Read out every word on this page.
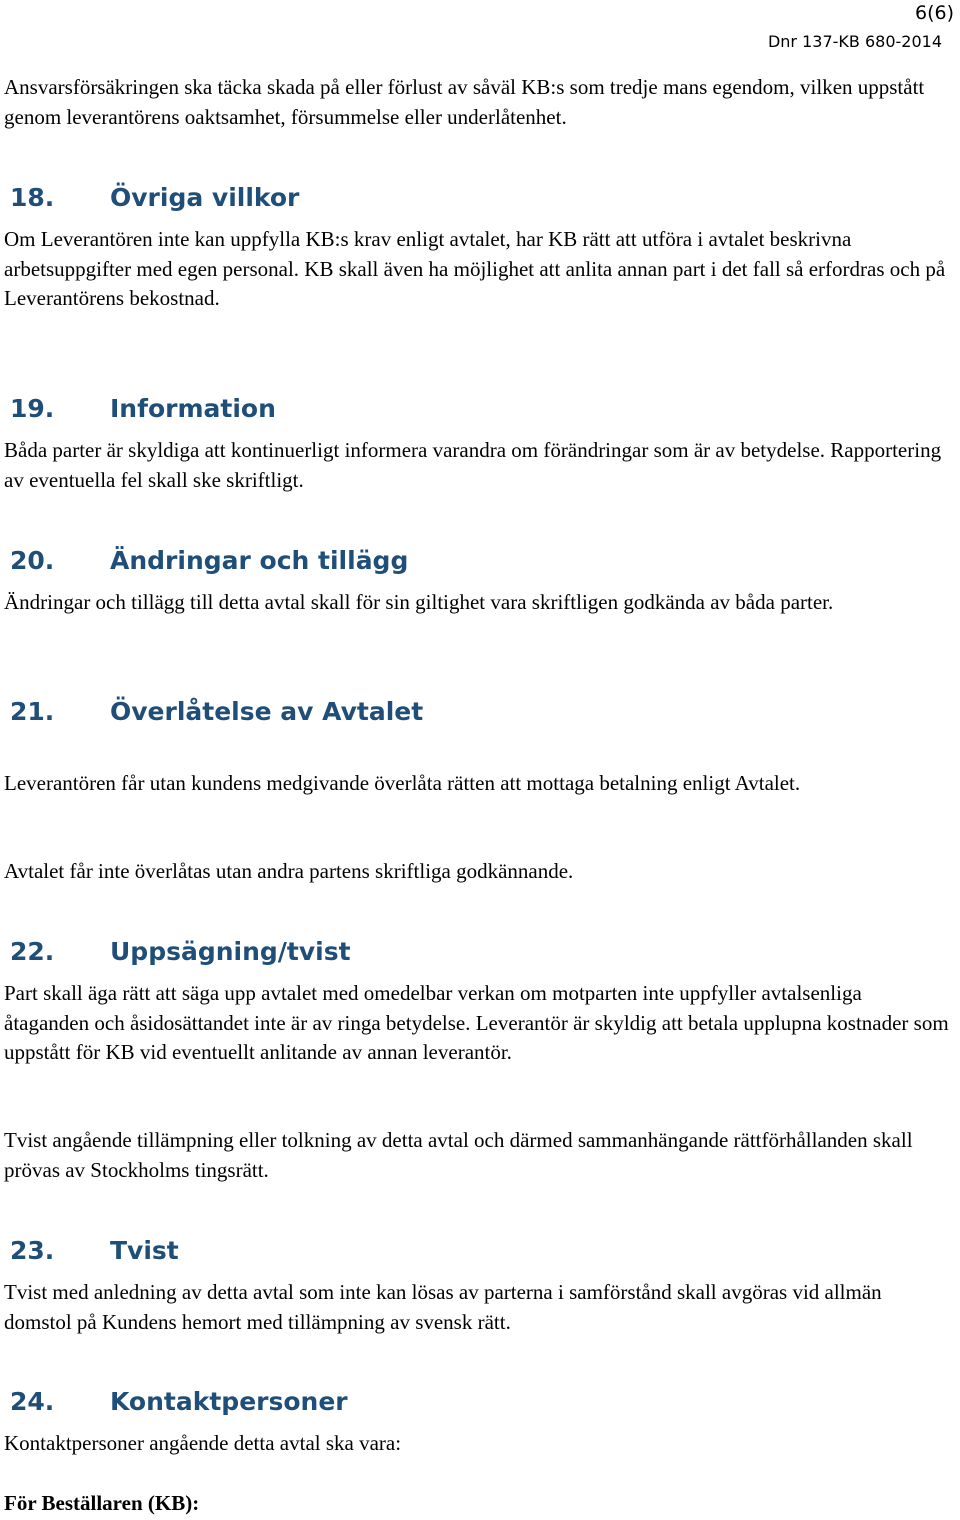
6(6)
Dnr 137-KB 680-2014

Ansvarsförsäkringen ska täcka skada på eller förlust av såväl KB:s som tredje mans egendom, vilken uppstått genom leverantörens oaktsamhet, försummelse eller underlåtenhet.

18. Övriga villkor

Om Leverantören inte kan uppfylla KB:s krav enligt avtalet, har KB rätt att utföra i avtalet beskrivna arbetsuppgifter med egen personal. KB skall även ha möjlighet att anlita annan part i det fall så erfordras och på Leverantörens bekostnad.

19. Information

Båda parter är skyldiga att kontinuerligt informera varandra om förändringar som är av betydelse. Rapportering av eventuella fel skall ske skriftligt.

20. Ändringar och tillägg

Ändringar och tillägg till detta avtal skall för sin giltighet vara skriftligen godkända av båda parter.

21. Överlåtelse av Avtalet

Leverantören får utan kundens medgivande överlåta rätten att mottaga betalning enligt Avtalet.

Avtalet får inte överlåtas utan andra partens skriftliga godkännande.

22. Uppsägning/tvist

Part skall äga rätt att säga upp avtalet med omedelbar verkan om motparten inte uppfyller avtalsenliga åtaganden och åsidosättandet inte är av ringa betydelse. Leverantör är skyldig att betala upplupna kostnader som uppstått för KB vid eventuellt anlitande av annan leverantör.

Tvist angående tillämpning eller tolkning av detta avtal och därmed sammanhängande rättförhållanden skall prövas av Stockholms tingsrätt.

23. Tvist

Tvist med anledning av detta avtal som inte kan lösas av parterna i samförstånd skall avgöras vid allmän domstol på Kundens hemort med tillämpning av svensk rätt.

24. Kontaktpersoner

Kontaktpersoner angående detta avtal ska vara:

För Beställaren (KB):
